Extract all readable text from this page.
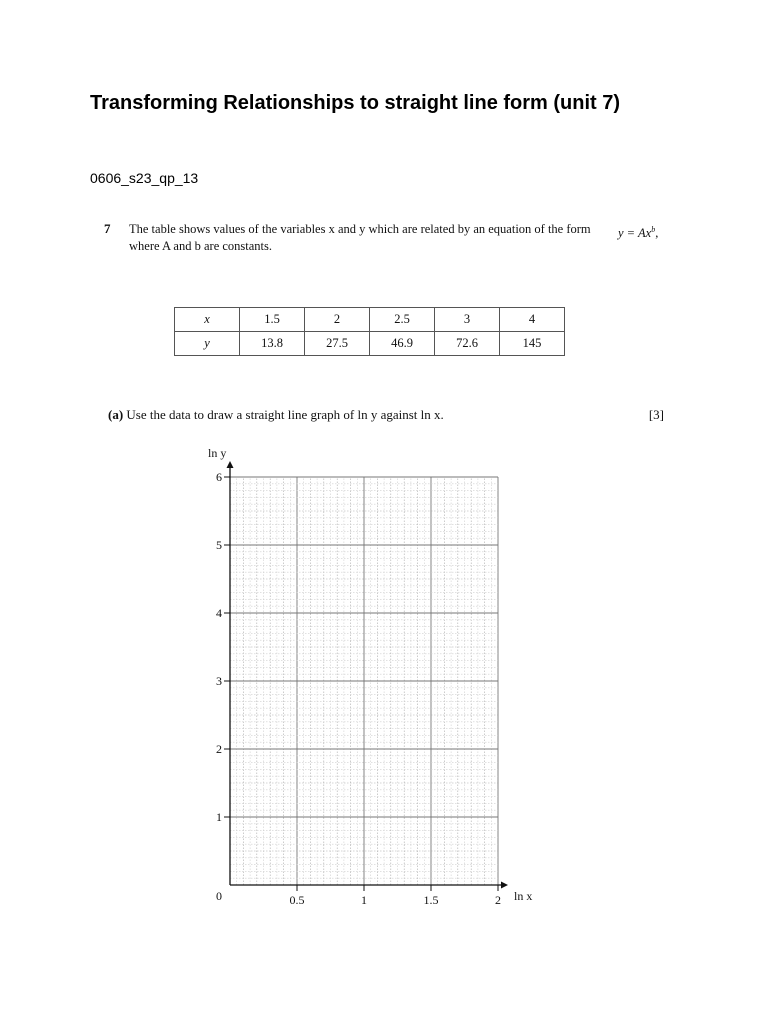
Transforming Relationships to straight line form (unit 7)
0606_s23_qp_13
7 The table shows values of the variables x and y which are related by an equation of the form	$y = Ax^b$,
where A and b are constants.
x	1.5	2	2.5	3	4
y	13.8	27.5	46.9	72.6	145
(a) Use the data to draw a straight line graph of ln y against ln x.	[3]
1
2
3
4
5
6
0.5	1	1.5	2
0	ln x
ln y
